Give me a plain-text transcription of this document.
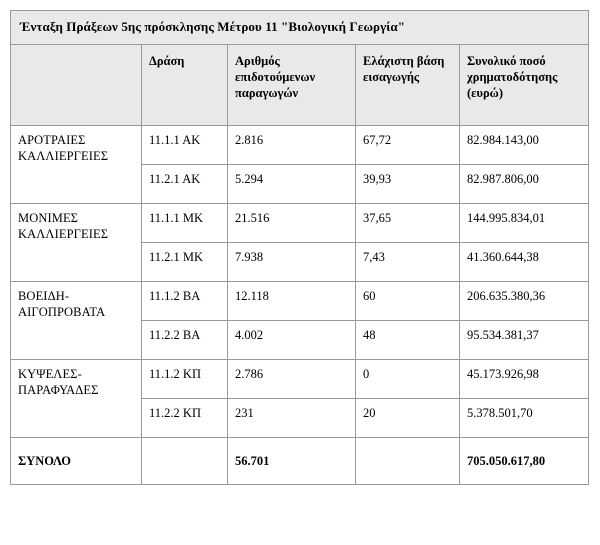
Ένταξη Πράξεων 5ης πρόσκλησης Μέτρου 11 "Βιολογική Γεωργία"				
	Δράση	Αριθμός επιδοτούμενων παραγωγών	Ελάχιστη βάση εισαγωγής	Συνολικό ποσό χρηματοδότησης (ευρώ)
ΑΡΟΤΡΑΙΕΣ ΚΑΛΛΙΕΡΓΕΙΕΣ	11.1.1 ΑΚ	2.816	67,72	82.984.143,00
	11.2.1 ΑΚ	5.294	39,93	82.987.806,00
ΜΟΝΙΜΕΣ ΚΑΛΛΙΕΡΓΕΙΕΣ	11.1.1 ΜΚ	21.516	37,65	144.995.834,01
	11.2.1 ΜΚ	7.938	7,43	41.360.644,38
ΒΟΕΙΔΗ-ΑΙΓΟΠΡΟΒΑΤΑ	11.1.2 ΒΑ	12.118	60	206.635.380,36
	11.2.2 ΒΑ	4.002	48	95.534.381,37
ΚΥΨΕΛΕΣ-ΠΑΡΑΦΥΑΔΕΣ	11.1.2 ΚΠ	2.786	0	45.173.926,98
	11.2.2 ΚΠ	231	20	5.378.501,70
ΣΥΝΟΛΟ		56.701		705.050.617,80
